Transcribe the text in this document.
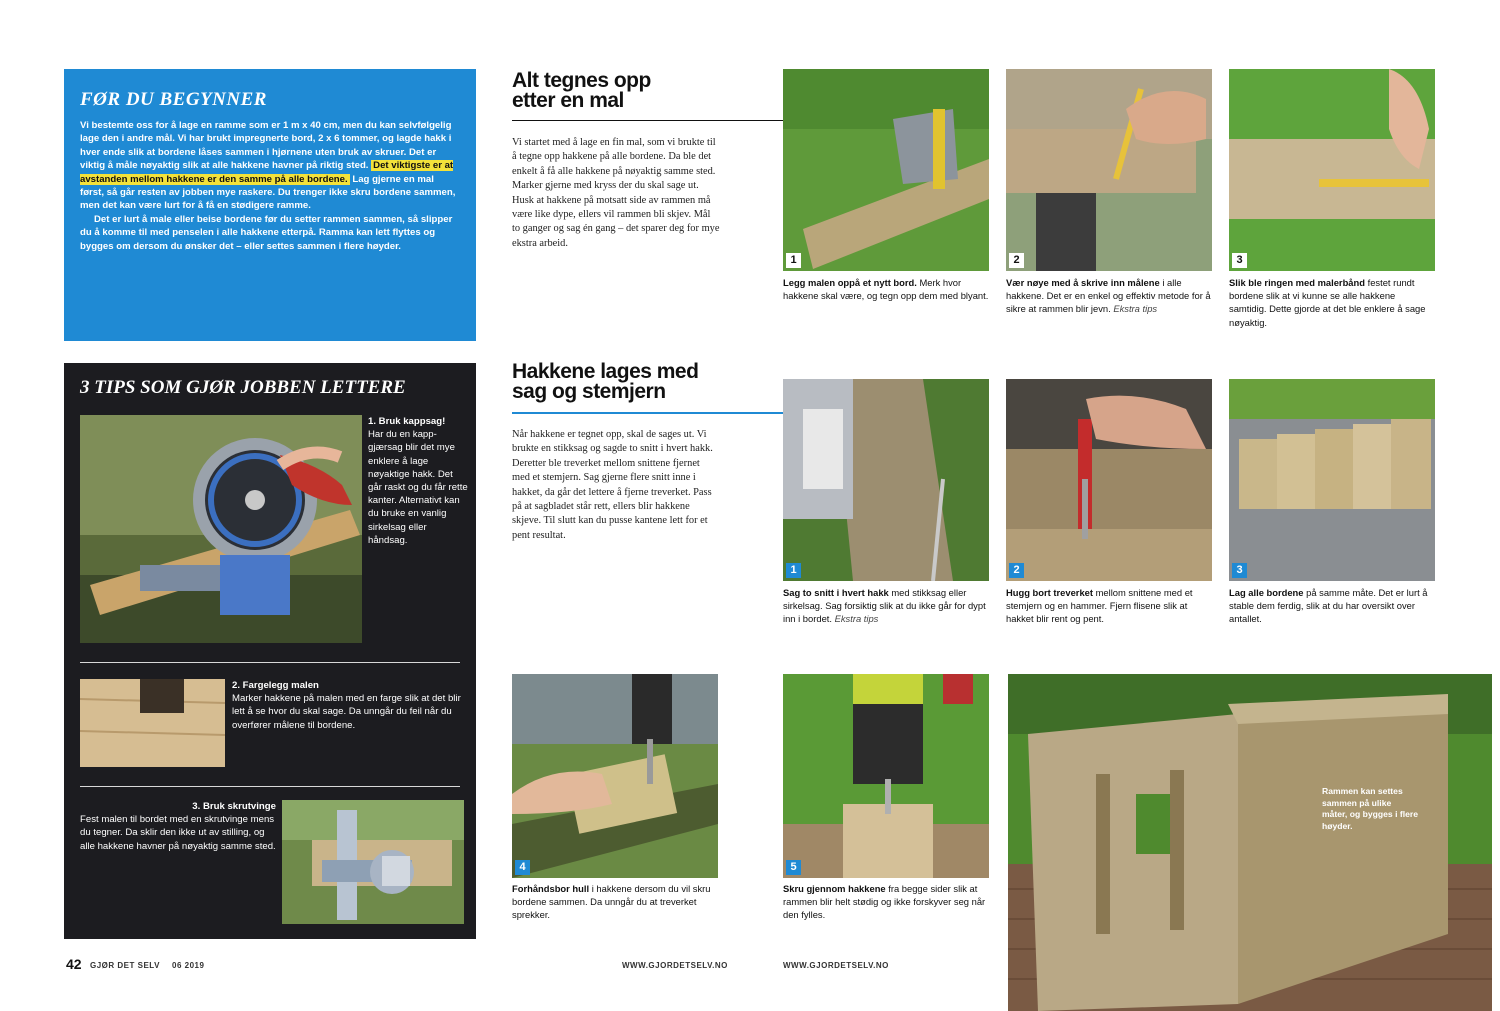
FØR DU BEGYNNER

Vi bestemte oss for å lage en ramme som er 1 m x 40 cm, men du kan selvfølgelig lage den i andre mål. Vi har brukt impregnerte bord, 2 x 6 tommer, og lagde hakk i hver ende slik at bordene låses sammen i hjørnene uten bruk av skruer. Det er viktig å måle nøyaktig slik at alle hakkene havner på riktig sted. Det viktigste er at avstanden mellom hakkene er den samme på alle bordene. Lag gjerne en mal først, så går resten av jobben mye raskere. Du trenger ikke skru bordene sammen, men det kan være lurt for å få en stødigere ramme.

Det er lurt å male eller beise bordene før du setter rammen sammen, så slipper du å komme til med penselen i alle hakkene etterpå. Ramma kan lett flyttes og bygges om dersom du ønsker det – eller settes sammen i flere høyder.

3 TIPS SOM GJØR JOBBEN LETTERE
1. Bruk kappsag!
Har du en kapp-gjærsag blir det mye enklere å lage nøyaktige hakk. Det går raskt og du får rette kanter. Alternativt kan du bruke en vanlig sirkelsag eller håndsag.
2. Fargelegg malen
Marker hakkene på malen med en farge slik at det blir lett å se hvor du skal sage. Da unngår du feil når du overfører målene til bordene.
3. Bruk skrutvinge
Fest malen til bordet med en skrutvinge mens du tegner. Da sklir den ikke ut av stilling, og alle hakkene havner på nøyaktig samme sted.
Alt tegnes opp
etter en mal
Vi startet med å lage en fin mal, som vi brukte til å tegne opp hakkene på alle bordene. Da ble det enkelt å få alle hakkene på nøyaktig samme sted. Marker gjerne med kryss der du skal sage ut. Husk at hakkene på motsatt side av rammen må være like dype, ellers vil rammen bli skjev. Mål to ganger og sag én gang – det sparer deg for mye ekstra arbeid.
Hakkene lages med
sag og stemjern
Når hakkene er tegnet opp, skal de sages ut. Vi brukte en stikksag og sagde to snitt i hvert hakk. Deretter ble treverket mellom snittene fjernet med et stemjern. Sag gjerne flere snitt inne i hakket, da går det lettere å fjerne treverket. Pass på at sagbladet står rett, ellers blir hakkene skjeve. Til slutt kan du pusse kantene lett for et pent resultat.
4
Forhåndsbor hull i hakkene dersom du vil skru bordene sammen. Da unngår du at treverket sprekker.
1	2	3
Legg malen oppå et nytt bord. Merk hvor hakkene skal være, og tegn opp dem med blyant.
Vær nøye med å skrive inn målene i alle hakkene. Det er en enkel og effektiv metode for å sikre at rammen blir jevn. Ekstra tips
Slik ble ringen med malerbånd festet rundt bordene slik at vi kunne se alle hakkene samtidig. Dette gjorde at det ble enklere å sage nøyaktig.
1	2	3
Sag to snitt i hvert hakk med stikksag eller sirkelsag. Sag forsiktig slik at du ikke går for dypt inn i bordet. Ekstra tips
Hugg bort treverket mellom snittene med et stemjern og en hammer. Fjern flisene slik at hakket blir rent og pent.
Lag alle bordene på samme måte. Det er lurt å stable dem ferdig, slik at du har oversikt over antallet.
5
Skru gjennom hakkene fra begge sider slik at rammen blir helt stødig og ikke forskyver seg når den fylles.
Rammen kan settes sammen på ulike måter, og bygges i flere høyder.
42 GJØR DET SELV 06 2019	WWW.GJORDETSELV.NO	WWW.GJORDETSELV.NO
